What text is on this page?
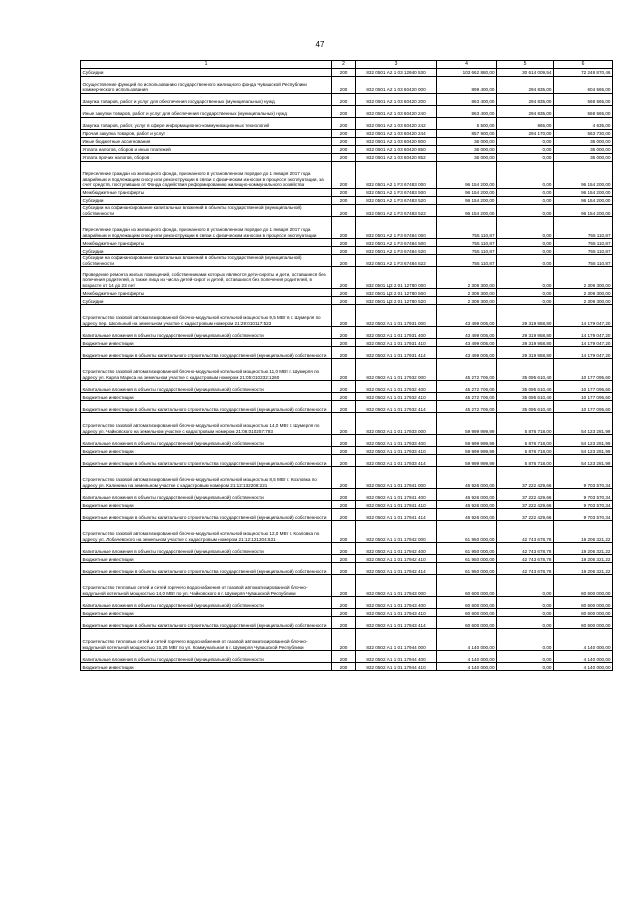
47
1	2	3	4	5	6
Субсидии	200	832 0501 А2 1 03 12940 530	103 662 880,00	30 614 009,54	72 248 870,46
Осуществление функций по использованию государственного жилищного фонда Чувашской Республики коммерческого использования	200	832 0501 А2 1 03 60420 000	899 400,00	294 835,00	604 565,00
Закупка товаров, работ и услуг для обеспечения государственных (муниципальных) нужд	200	832 0501 А2 1 03 60420 200	863 400,00	294 835,00	568 565,00
Иные закупки товаров, работ и услуг для обеспечения государственных (муниципальных) нужд	200	832 0501 А2 1 03 60420 240	863 400,00	294 835,00	568 565,00
Закупка товаров, работ, услуг в сфере информационно-коммуникационных технологий	200	832 0501 А2 1 03 60420 242	5 500,00	865,00	4 635,00
Прочая закупка товаров, работ и услуг	200	832 0501 А2 1 03 60420 244	857 900,00	294 170,00	563 730,00
Иные бюджетные ассигнования	200	832 0501 А2 1 03 60420 800	36 000,00	0,00	36 000,00
Уплата налогов, сборов и иных платежей	200	832 0501 А2 1 03 60420 850	36 000,00	0,00	36 000,00
Уплата прочих налогов, сборов	200	832 0501 А2 1 03 60420 852	36 000,00	0,00	36 000,00
Переселение граждан из жилищного фонда, признанного в установленном порядке до 1 января 2017 года аварийным и подлежащим сносу или реконструкции в связи с физическим износом в процессе эксплуатации, за счет средств, поступивших от Фонда содействия реформированию жилищно-коммунального хозяйства	200	832 0501 А2 1 F3 67483 000	96 154 200,00	0,00	96 154 200,00
Межбюджетные трансферты	200	832 0501 А2 1 F3 67483 500	96 154 200,00	0,00	96 154 200,00
Субсидии	200	832 0501 А2 1 F3 67483 520	96 154 200,00	0,00	96 154 200,00
Субсидии на софинансирование капитальных вложений в объекты государственной (муниципальной) собственности	200	832 0501 А2 1 F3 67483 522	96 154 200,00	0,00	96 154 200,00
Переселение граждан из жилищного фонда, признанного в установленном порядке до 1 января 2017 года аварийным и подлежащим сносу или реконструкции в связи с физическим износом в процессе эксплуатации	200	832 0501 А2 1 F3 67484 000	755 110,87	0,00	755 110,87
Межбюджетные трансферты	200	832 0501 А2 1 F3 67484 500	755 110,87	0,00	755 110,87
Субсидии	200	832 0501 А2 1 F3 67484 520	755 110,87	0,00	755 110,87
Субсидии на софинансирование капитальных вложений в объекты государственной (муниципальной) собственности	200	832 0501 А2 1 F3 67484 522	755 110,87	0,00	755 110,87
Проведение ремонта жилых помещений, собственниками которых являются дети-сироты и дети, оставшиеся без попечения родителей, а также лица из числа детей-сирот и детей, оставшихся без попечения родителей, в возрасте от 14 до 23 лет	200	832 0501 Ц3 2 01 12780 000	2 309 300,00	0,00	2 309 300,00
Межбюджетные трансферты	200	832 0501 Ц3 2 01 12780 500	2 309 300,00	0,00	2 309 300,00
Субсидии	200	832 0501 Ц3 2 01 12780 520	2 309 300,00	0,00	2 309 300,00
Строительство газовой автоматизированной блочно-модульной котельной мощностью 9,5 МВт в г. Шумерля по адресу пер. Школьный на земельном участке с кадастровым номером 21:29:010117:523	200	832 0502 А1 1 01 17931 000	43 499 005,00	29 319 958,80	14 179 047,20
Капитальные вложения в объекты государственной (муниципальной) собственности	200	832 0502 А1 1 01 17931 400	43 499 005,00	29 319 958,80	14 179 047,20
Бюджетные инвестиции	200	832 0502 А1 1 01 17931 410	43 499 005,00	29 319 958,80	14 179 047,20
Бюджетные инвестиции в объекты капитального строительства государственной (муниципальной) собственности	200	832 0502 А1 1 01 17931 414	43 499 005,00	29 319 958,80	14 179 047,20
Строительство газовой автоматизированной блочно-модульной котельной мощностью 11,0 МВт г. Шумерля по адресу ул. Карла Маркса на земельном участке с кадастровым номером 21:05:010232:1260	200	832 0502 А1 1 01 17932 000	45 272 706,00	35 095 610,40	10 177 095,60
Капитальные вложения в объекты государственной (муниципальной) собственности	200	832 0502 А1 1 01 17932 400	45 272 706,00	35 095 610,40	10 177 095,60
Бюджетные инвестиции	200	832 0502 А1 1 01 17932 410	45 272 706,00	35 095 610,40	10 177 095,60
Бюджетные инвестиции в объекты капитального строительства государственной (муниципальной) собственности	200	832 0502 А1 1 01 17932 414	45 272 706,00	35 095 610,40	10 177 095,60
Строительство газовой автоматизированной блочно-модульной котельной мощностью 14,0 МВт г. Шумерля по адресу ул. Чайковского на земельном участке с кадастровым номером 21:06:010257:793	200	832 0502 А1 1 01 17933 000	59 999 999,99	5 876 718,00	54 123 281,99
Капитальные вложения в объекты государственной (муниципальной) собственности	200	832 0502 А1 1 01 17933 400	59 999 999,99	5 876 718,00	54 123 281,99
Бюджетные инвестиции	200	832 0502 А1 1 01 17933 410	59 999 999,99	5 876 718,00	54 123 281,99
Бюджетные инвестиции в объекты капитального строительства государственной (муниципальной) собственности	200	832 0502 А1 1 01 17933 414	59 999 999,99	5 876 718,00	54 123 281,99
Строительство газовой автоматизированной блочно-модульной котельной мощностью 8,5 МВт г. Козловка по адресу ул. Калинина на земельном участке с кадастровым номером 21:12:132208:221	200	832 0502 А1 1 01 17941 000	46 926 000,00	37 222 429,66	9 703 570,34
Капитальные вложения в объекты государственной (муниципальной) собственности	200	832 0502 А1 1 01 17941 400	46 926 000,00	37 222 429,66	9 703 570,34
Бюджетные инвестиции	200	832 0502 А1 1 01 17941 410	46 926 000,00	37 222 429,66	9 703 570,34
Бюджетные инвестиции в объекты капитального строительства государственной (муниципальной) собственности	200	832 0502 А1 1 01 17941 414	46 926 000,00	37 222 429,66	9 703 570,34
Строительство газовой автоматизированной блочно-модульной котельной мощностью 12,0 МВт г. Козловка по адресу ул. Лобачевского на земельном участке с кадастровым номером 21:12:121204:631	200	832 0502 А1 1 01 17942 000	61 950 000,00	42 743 678,78	19 206 321,22
Капитальные вложения в объекты государственной (муниципальной) собственности	200	832 0502 А1 1 01 17942 400	61 950 000,00	42 743 678,78	19 206 321,22
Бюджетные инвестиции	200	832 0502 А1 1 01 17942 410	61 950 000,00	42 743 678,78	19 206 321,22
Бюджетные инвестиции в объекты капитального строительства государственной (муниципальной) собственности	200	832 0502 А1 1 01 17942 414	61 950 000,00	42 743 678,78	19 206 321,22
Строительство тепловых сетей и сетей горячего водоснабжения от газовой автоматизированной блочно-модульной котельной мощностью 14,0 МВт по ул. Чайковского в г. Шумерля Чувашской Республики	200	832 0502 А1 1 01 17943 000	60 600 000,00	0,00	60 600 000,00
Капитальные вложения в объекты государственной (муниципальной) собственности	200	832 0502 А1 1 01 17943 400	60 600 000,00	0,00	60 600 000,00
Бюджетные инвестиции	200	832 0502 А1 1 01 17943 410	60 600 000,00	0,00	60 600 000,00
Бюджетные инвестиции в объекты капитального строительства государственной (муниципальной) собственности	200	832 0502 А1 1 01 17943 414	60 600 000,00	0,00	60 600 000,00
Строительство тепловых сетей и сетей горячего водоснабжения от газовой автоматизированной блочно-модульной котельной мощностью 10,25 МВт по ул. Коммунальная в г. Шумерля Чувашской Республики	200	832 0502 А1 1 01 17944 000	4 140 000,00	0,00	4 140 000,00
Капитальные вложения в объекты государственной (муниципальной) собственности	200	832 0502 А1 1 01 17944 400	4 140 000,00	0,00	4 140 000,00
Бюджетные инвестиции	200	832 0502 А1 1 01 17944 410	4 140 000,00	0,00	4 140 000,00
